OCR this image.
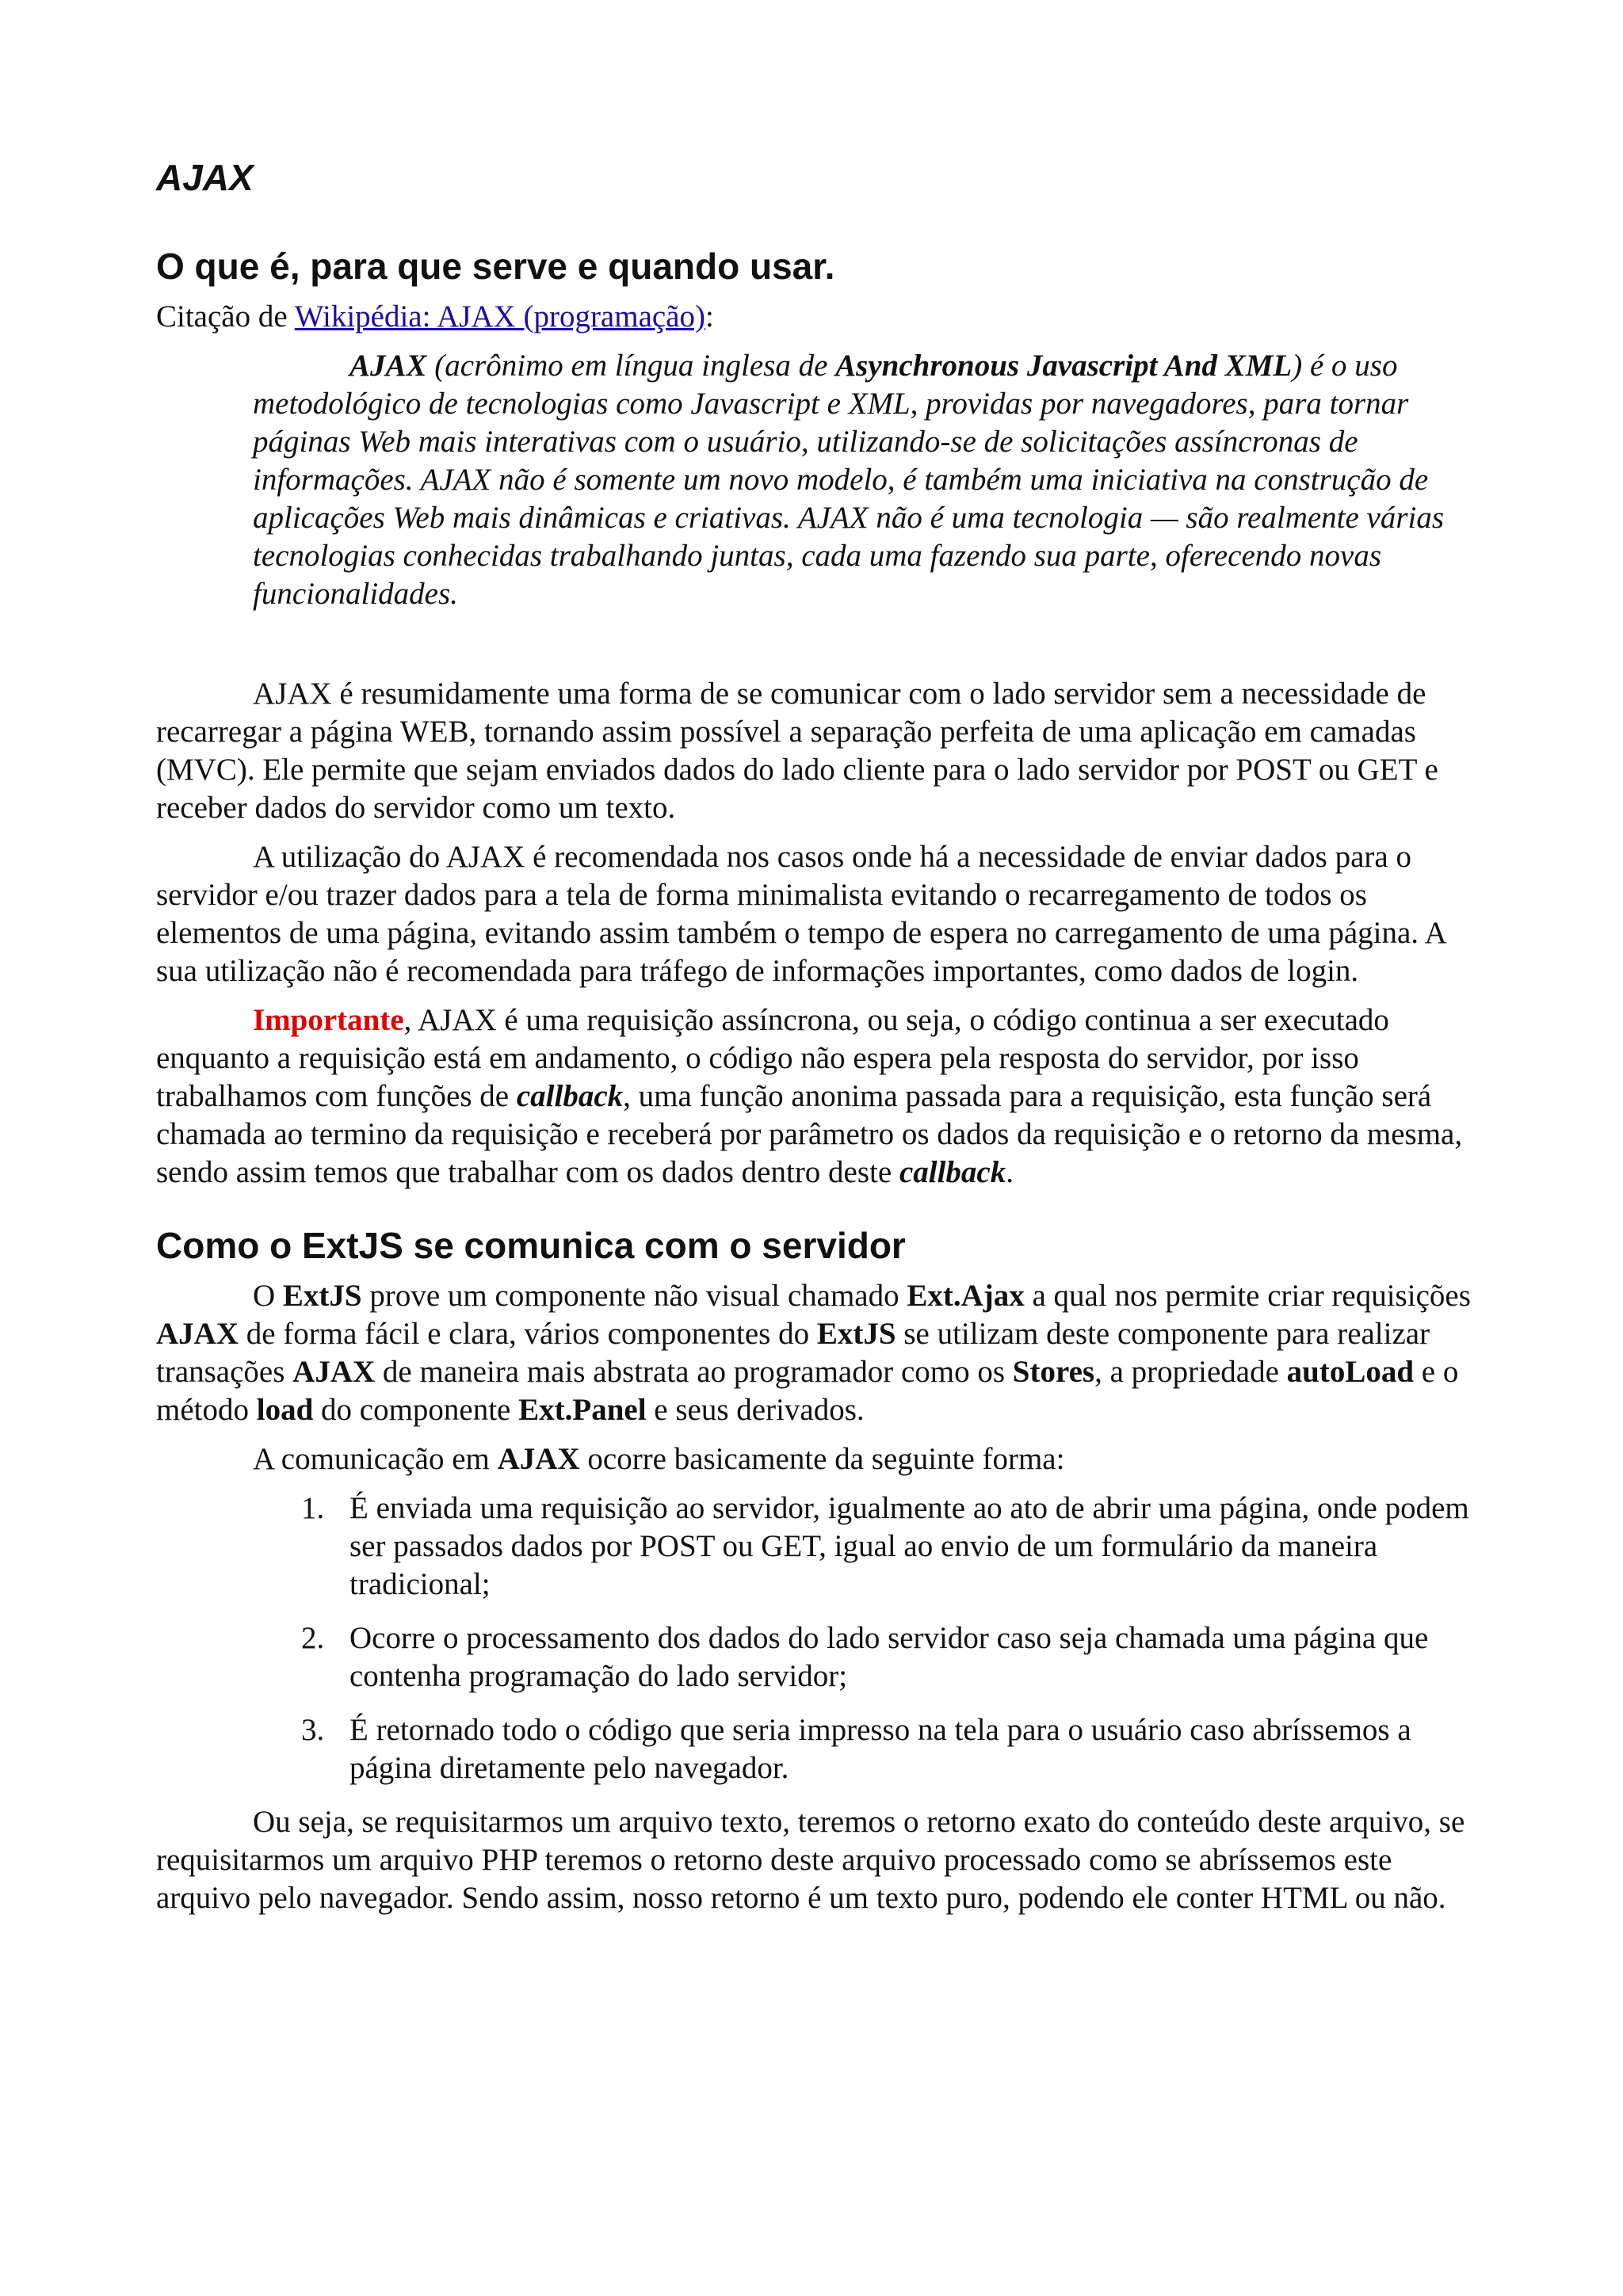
AJAX
O que é, para que serve e quando usar.

Citação de Wikipédia: AJAX (programação):

AJAX (acrônimo em língua inglesa de Asynchronous Javascript And XML) é o uso metodológico de tecnologias como Javascript e XML, providas por navegadores, para tornar páginas Web mais interativas com o usuário, utilizando-se de solicitações assíncronas de informações. AJAX não é somente um novo modelo, é também uma iniciativa na construção de aplicações Web mais dinâmicas e criativas. AJAX não é uma tecnologia — são realmente várias tecnologias conhecidas trabalhando juntas, cada uma fazendo sua parte, oferecendo novas funcionalidades.

AJAX é resumidamente uma forma de se comunicar com o lado servidor sem a necessidade de recarregar a página WEB, tornando assim possível a separação perfeita de uma aplicação em camadas (MVC). Ele permite que sejam enviados dados do lado cliente para o lado servidor por POST ou GET e receber dados do servidor como um texto.

A utilização do AJAX é recomendada nos casos onde há a necessidade de enviar dados para o servidor e/ou trazer dados para a tela de forma minimalista evitando o recarregamento de todos os elementos de uma página, evitando assim também o tempo de espera no carregamento de uma página. A sua utilização não é recomendada para tráfego de informações importantes, como dados de login.

Importante, AJAX é uma requisição assíncrona, ou seja, o código continua a ser executado enquanto a requisição está em andamento, o código não espera pela resposta do servidor, por isso trabalhamos com funções de callback, uma função anonima passada para a requisição, esta função será chamada ao termino da requisição e receberá por parâmetro os dados da requisição e o retorno da mesma, sendo assim temos que trabalhar com os dados dentro deste callback.

Como o ExtJS se comunica com o servidor

O ExtJS prove um componente não visual chamado Ext.Ajax a qual nos permite criar requisições AJAX de forma fácil e clara, vários componentes do ExtJS se utilizam deste componente para realizar transações AJAX de maneira mais abstrata ao programador como os Stores, a propriedade autoLoad e o método load do componente Ext.Panel e seus derivados.

A comunicação em AJAX ocorre basicamente da seguinte forma:

1. É enviada uma requisição ao servidor, igualmente ao ato de abrir uma página, onde podem ser passados dados por POST ou GET, igual ao envio de um formulário da maneira tradicional;
2. Ocorre o processamento dos dados do lado servidor caso seja chamada uma página que contenha programação do lado servidor;
3. É retornado todo o código que seria impresso na tela para o usuário caso abríssemos a página diretamente pelo navegador.

Ou seja, se requisitarmos um arquivo texto, teremos o retorno exato do conteúdo deste arquivo, se requisitarmos um arquivo PHP teremos o retorno deste arquivo processado como se abríssemos este arquivo pelo navegador. Sendo assim, nosso retorno é um texto puro, podendo ele conter HTML ou não.
